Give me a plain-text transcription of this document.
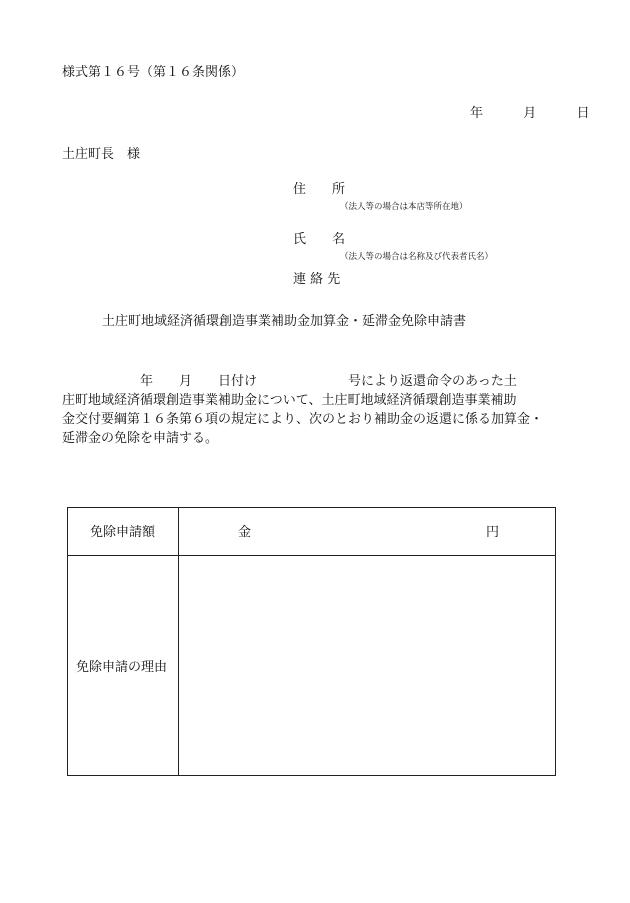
様式第１６号（第１６条関係）
年	月	日
土庄町長　様
住　　所
（法人等の場合は本店等所在地）
氏　　名
（法人等の場合は名称及び代表者氏名）
連 絡 先
土庄町地域経済循環創造事業補助金加算金・延滞金免除申請書
　　　　　　年　　月　　日付け　　　　　　　号により返還命令のあった土
庄町地域経済循環創造事業補助金について、土庄町地域経済循環創造事業補助
金交付要綱第１６条第６項の規定により、次のとおり補助金の返還に係る加算金・
延滞金の免除を申請する。
免除申請額	金	円
免除申請の理由
